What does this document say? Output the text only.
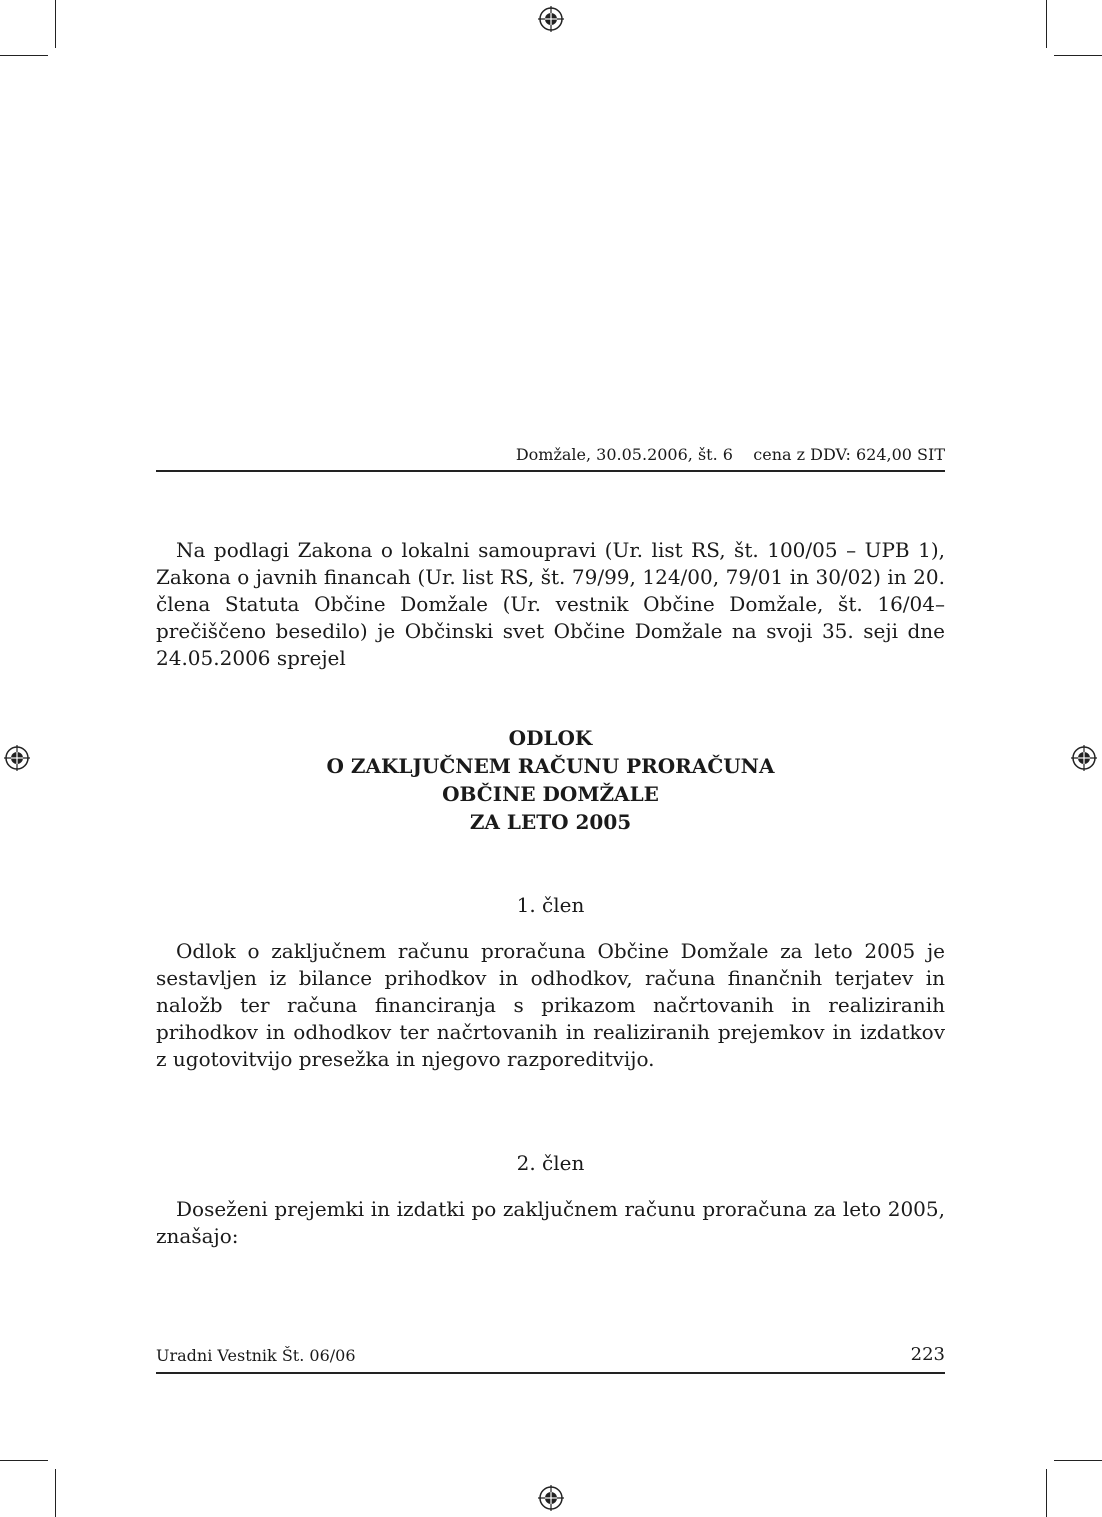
Domžale, 30.05.2006, št. 6 cena z DDV: 624,00 SIT

Na podlagi Zakona o lokalni samoupravi (Ur. list RS, št. 100/05 – UPB 1), Zakona o javnih financah (Ur. list RS, št. 79/99, 124/00, 79/01 in 30/02) in 20. člena Statuta Občine Domžale (Ur. vestnik Občine Domžale, št. 16/04– prečiščeno besedilo) je Občinski svet Občine Domžale na svoji 35. seji dne 24.05.2006 sprejel

ODLOK
O ZAKLJUČNEM RAČUNU PRORAČUNA
OBČINE DOMŽALE
ZA LETO 2005

1. člen

Odlok o zaključnem računu proračuna Občine Domžale za leto 2005 je sestavljen iz bilance prihodkov in odhodkov, računa finančnih terjatev in naložb ter računa financiranja s prikazom načrtovanih in realiziranih prihodkov in odhodkov ter načrtovanih in realiziranih prejemkov in izdatkov z ugotovitvijo presežka in njegovo razporeditvijo.

2. člen

Doseženi prejemki in izdatki po zaključnem računu proračuna za leto 2005, znašajo:

Uradni Vestnik Št. 06/06	223
